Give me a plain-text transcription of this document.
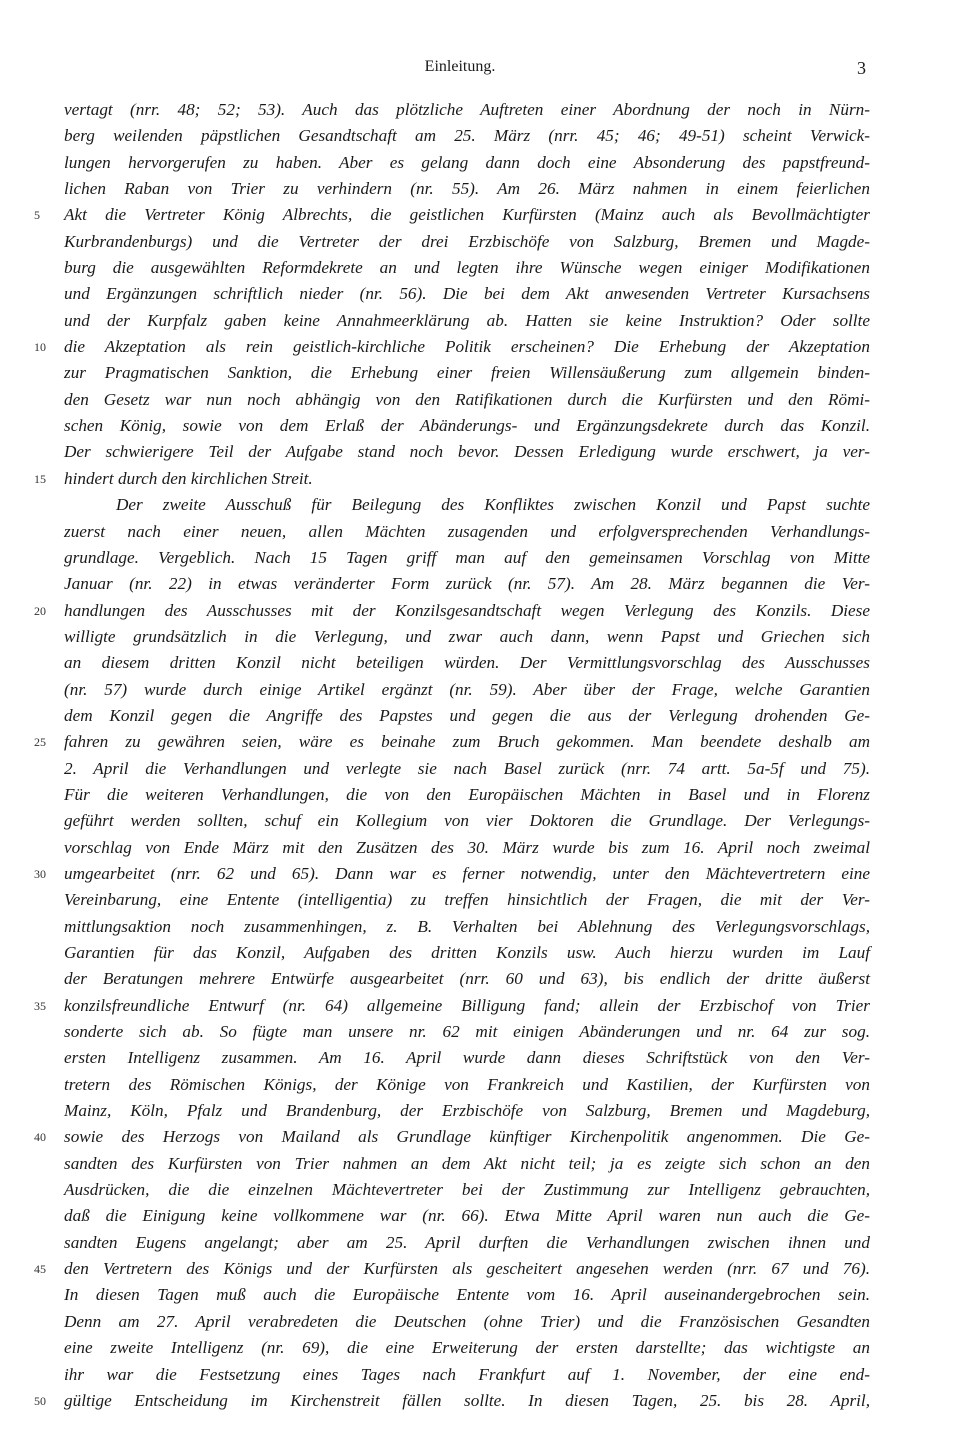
Einleitung.	3
vertagt (nrr. 48; 52; 53). Auch das plötzliche Auftreten einer Abordnung der noch in Nürn-
berg weilenden päpstlichen Gesandtschaft am 25. März (nrr. 45; 46; 49-51) scheint Verwick-
lungen hervorgerufen zu haben. Aber es gelang dann doch eine Absonderung des papstfreund-
lichen Raban von Trier zu verhindern (nr. 55). Am 26. März nahmen in einem feierlichen
5	Akt die Vertreter König Albrechts, die geistlichen Kurfürsten (Mainz auch als Bevollmächtigter
Kurbrandenburgs) und die Vertreter der drei Erzbischöfe von Salzburg, Bremen und Magde-
burg die ausgewählten Reformdekrete an und legten ihre Wünsche wegen einiger Modifikationen
und Ergänzungen schriftlich nieder (nr. 56). Die bei dem Akt anwesenden Vertreter Kursachsens
und der Kurpfalz gaben keine Annahmeerklärung ab. Hatten sie keine Instruktion? Oder sollte
10	die Akzeptation als rein geistlich-kirchliche Politik erscheinen? Die Erhebung der Akzeptation
zur Pragmatischen Sanktion, die Erhebung einer freien Willensäußerung zum allgemein binden-
den Gesetz war nun noch abhängig von den Ratifikationen durch die Kurfürsten und den Römi-
schen König, sowie von dem Erlaß der Abänderungs- und Ergänzungsdekrete durch das Konzil.
Der schwierigere Teil der Aufgabe stand noch bevor. Dessen Erledigung wurde erschwert, ja ver-
15	hindert durch den kirchlichen Streit.
Der zweite Ausschuß für Beilegung des Konfliktes zwischen Konzil und Papst suchte
zuerst nach einer neuen, allen Mächten zusagenden und erfolgversprechenden Verhandlungs-
grundlage. Vergeblich. Nach 15 Tagen griff man auf den gemeinsamen Vorschlag von Mitte
Januar (nr. 22) in etwas veränderter Form zurück (nr. 57). Am 28. März begannen die Ver-
20	handlungen des Ausschusses mit der Konzilsgesandtschaft wegen Verlegung des Konzils. Diese
willigte grundsätzlich in die Verlegung, und zwar auch dann, wenn Papst und Griechen sich
an diesem dritten Konzil nicht beteiligen würden. Der Vermittlungsvorschlag des Ausschusses
(nr. 57) wurde durch einige Artikel ergänzt (nr. 59). Aber über der Frage, welche Garantien
dem Konzil gegen die Angriffe des Papstes und gegen die aus der Verlegung drohenden Ge-
25	fahren zu gewähren seien, wäre es beinahe zum Bruch gekommen. Man beendete deshalb am
2. April die Verhandlungen und verlegte sie nach Basel zurück (nrr. 74 artt. 5a-5f und 75).
Für die weiteren Verhandlungen, die von den Europäischen Mächten in Basel und in Florenz
geführt werden sollten, schuf ein Kollegium von vier Doktoren die Grundlage. Der Verlegungs-
vorschlag von Ende März mit den Zusätzen des 30. März wurde bis zum 16. April noch zweimal
30	umgearbeitet (nrr. 62 und 65). Dann war es ferner notwendig, unter den Mächtevertretern eine
Vereinbarung, eine Entente (intelligentia) zu treffen hinsichtlich der Fragen, die mit der Ver-
mittlungsaktion noch zusammenhingen, z. B. Verhalten bei Ablehnung des Verlegungsvorschlags,
Garantien für das Konzil, Aufgaben des dritten Konzils usw. Auch hierzu wurden im Lauf
der Beratungen mehrere Entwürfe ausgearbeitet (nrr. 60 und 63), bis endlich der dritte äußerst
35	konzilsfreundliche Entwurf (nr. 64) allgemeine Billigung fand; allein der Erzbischof von Trier
sonderte sich ab. So fügte man unsere nr. 62 mit einigen Abänderungen und nr. 64 zur sog.
ersten Intelligenz zusammen. Am 16. April wurde dann dieses Schriftstück von den Ver-
tretern des Römischen Königs, der Könige von Frankreich und Kastilien, der Kurfürsten von
Mainz, Köln, Pfalz und Brandenburg, der Erzbischöfe von Salzburg, Bremen und Magdeburg,
40	sowie des Herzogs von Mailand als Grundlage künftiger Kirchenpolitik angenommen. Die Ge-
sandten des Kurfürsten von Trier nahmen an dem Akt nicht teil; ja es zeigte sich schon an den
Ausdrücken, die die einzelnen Mächtevertreter bei der Zustimmung zur Intelligenz gebrauchten,
daß die Einigung keine vollkommene war (nr. 66). Etwa Mitte April waren nun auch die Ge-
sandten Eugens angelangt; aber am 25. April durften die Verhandlungen zwischen ihnen und
45	den Vertretern des Königs und der Kurfürsten als gescheitert angesehen werden (nrr. 67 und 76).
In diesen Tagen muß auch die Europäische Entente vom 16. April auseinandergebrochen sein.
Denn am 27. April verabredeten die Deutschen (ohne Trier) und die Französischen Gesandten
eine zweite Intelligenz (nr. 69), die eine Erweiterung der ersten darstellte; das wichtigste an
ihr war die Festsetzung eines Tages nach Frankfurt auf 1. November, der eine end-
50	gültige Entscheidung im Kirchenstreit fällen sollte. In diesen Tagen, 25. bis 28. April,
